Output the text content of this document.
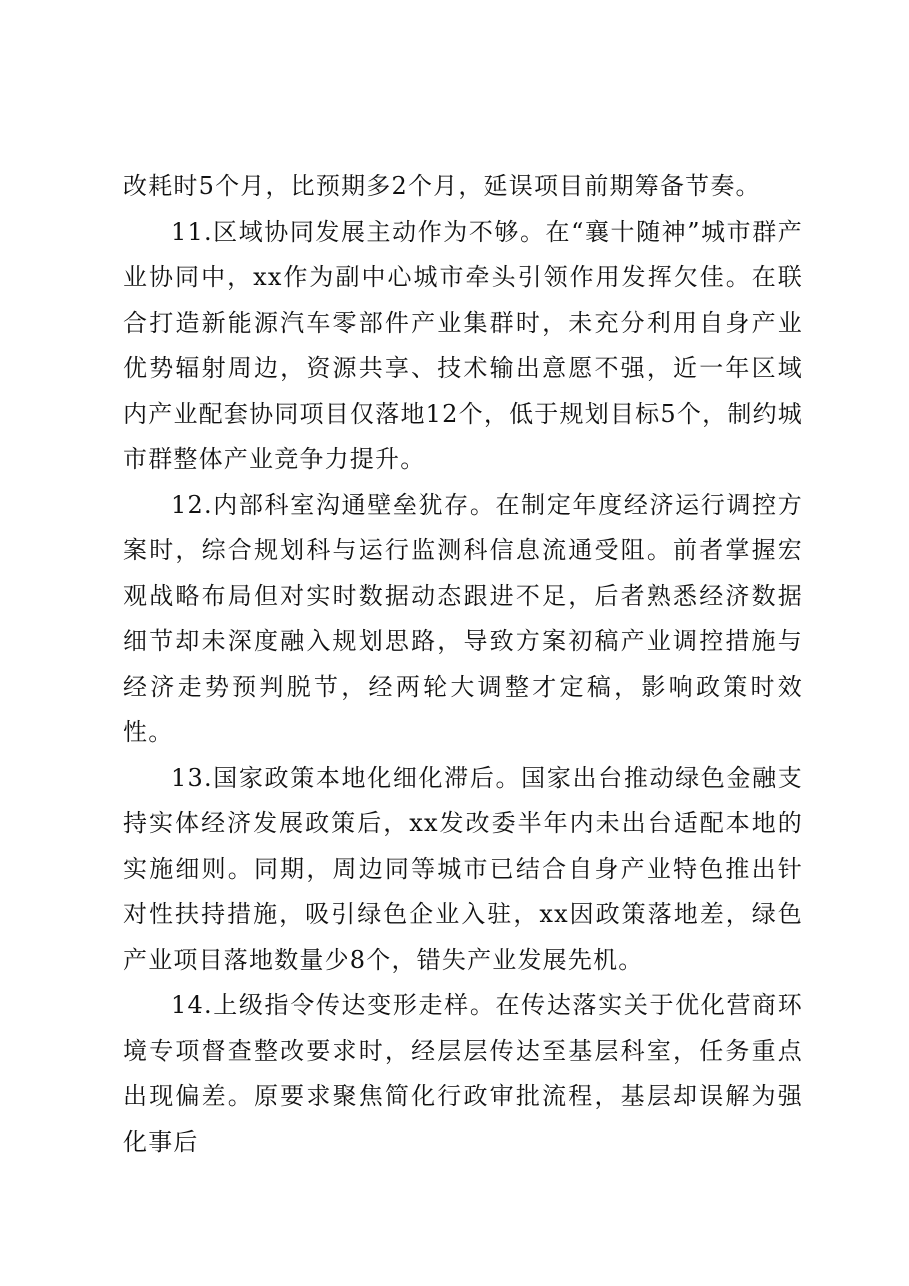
改耗时5个月，比预期多2个月，延误项目前期筹备节奏。

11.区域协同发展主动作为不够。在“襄十随神”城市群产业协同中，xx作为副中心城市牵头引领作用发挥欠佳。在联合打造新能源汽车零部件产业集群时，未充分利用自身产业优势辐射周边，资源共享、技术输出意愿不强，近一年区域内产业配套协同项目仅落地12个，低于规划目标5个，制约城市群整体产业竞争力提升。

12.内部科室沟通壁垒犹存。在制定年度经济运行调控方案时，综合规划科与运行监测科信息流通受阻。前者掌握宏观战略布局但对实时数据动态跟进不足，后者熟悉经济数据细节却未深度融入规划思路，导致方案初稿产业调控措施与经济走势预判脱节，经两轮大调整才定稿，影响政策时效性。

13.国家政策本地化细化滞后。国家出台推动绿色金融支持实体经济发展政策后，xx发改委半年内未出台适配本地的实施细则。同期，周边同等城市已结合自身产业特色推出针对性扶持措施，吸引绿色企业入驻，xx因政策落地差，绿色产业项目落地数量少8个，错失产业发展先机。

14.上级指令传达变形走样。在传达落实关于优化营商环境专项督查整改要求时，经层层传达至基层科室，任务重点出现偏差。原要求聚焦简化行政审批流程，基层却误解为强化事后
